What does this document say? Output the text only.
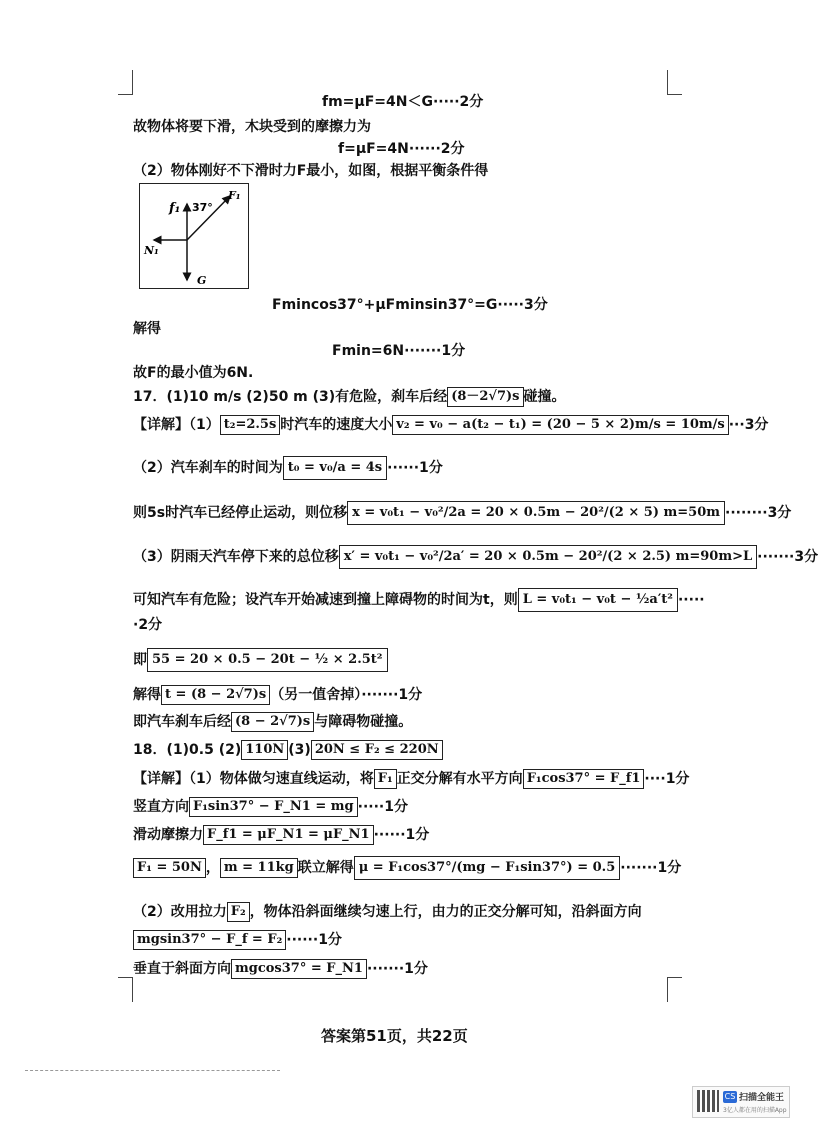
fm=μF=4N＜G·····2分
故物体将要下滑，木块受到的摩擦力为
f=μF=4N······2分
（2）物体刚好不下滑时力F最小，如图，根据平衡条件得
f₁ 37°
F₁
N₁
G
Fmincos37°+μFminsin37°=G·····3分
解得
Fmin=6N·······1分
故F的最小值为6N.
17．(1)10 m/s (2)50 m (3)有危险，刹车后经 (8－2√7)s 碰撞。
【详解】（1） t₂=2.5s 时汽车的速度大小 v₂ = v₀ − a(t₂ − t₁) = (20 − 5 × 2)m/s = 10m/s ···3分
（2）汽车刹车的时间为 t₀ = v₀/a = 4s ······1分
则5s时汽车已经停止运动，则位移 x = v₀t₁ − v₀²/2a = 20 × 0.5m − 20²/(2 × 5) m=50m ········3分
（3）阴雨天汽车停下来的总位移 x′ = v₀t₁ − v₀²/2a′ = 20 × 0.5m − 20²/(2 × 2.5) m=90m>L ·······3分
可知汽车有危险；设汽车开始减速到撞上障碍物的时间为t，则 L = v₀t₁ − v₀t − ½a′t² ·····
·2分
即 55 = 20 × 0.5 − 20t − ½ × 2.5t²
解得 t = (8 − 2√7)s （另一值舍掉）·······1分
即汽车刹车后经 (8 − 2√7)s 与障碍物碰撞。
18．(1)0.5 (2) 110N (3) 20N ≤ F₂ ≤ 220N
【详解】（1）物体做匀速直线运动，将 F₁ 正交分解有水平方向 F₁cos37° = F_f1 ····1分
竖直方向 F₁sin37° − F_N1 = mg ·····1分
滑动摩擦力 F_f1 = μF_N1 = μF_N1 ······1分
F₁ = 50N ， m = 11kg 联立解得 μ = F₁cos37°/(mg − F₁sin37°) = 0.5 ·······1分
（2）改用拉力 F₂ ，物体沿斜面继续匀速上行，由力的正交分解可知，沿斜面方向
mgsin37° − F_f = F₂ ······1分
垂直于斜面方向 mgcos37° = F_N1 ·······1分
答案第51页，共22页
CS 扫描全能王
3亿人都在用的扫描App
